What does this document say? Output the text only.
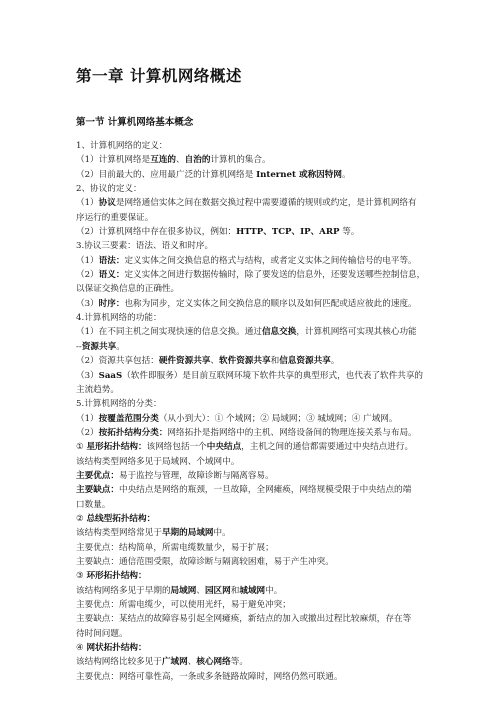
第一章 计算机网络概述
第一节 计算机网络基本概念

1、计算机网络的定义：

（1）计算机网络是互连的、自治的计算机的集合。

（2）目前最大的、应用最广泛的计算机网络是 Internet 或称因特网。

2、协议的定义：

（1）协议是网络通信实体之间在数据交换过程中需要遵循的规则或约定，是计算机网络有

序运行的重要保证。

（2）计算机网络中存在很多协议，例如：HTTP、TCP、IP、ARP 等。

3.协议三要素：语法、语义和时序。

（1）语法：定义实体之间交换信息的格式与结构，或者定义实体之间传输信号的电平等。

（2）语义：定义实体之间进行数据传输时，除了要发送的信息外，还要发送哪些控制信息，

以保证交换信息的正确性。

（3）时序：也称为同步，定义实体之间交换信息的顺序以及如何匹配或适应彼此的速度。

4.计算机网络的功能：

（1）在不同主机之间实现快速的信息交换。通过信息交换，计算机网络可实现其核心功能

--资源共享。

（2）资源共享包括：硬件资源共享、软件资源共享和信息资源共享。

（3）SaaS（软件即服务）是目前互联网环境下软件共享的典型形式，也代表了软件共享的

主流趋势。

5.计算机网络的分类：

（1）按覆盖范围分类（从小到大）：① 个域网；② 局域网；③ 城域网；④ 广域网。

（2）按拓扑结构分类：网络拓扑是指网络中的主机、网络设备间的物理连接关系与布局。

① 星形拓扑结构：该网络包括一个中央结点，主机之间的通信都需要通过中央结点进行。

该结构类型网络多见于局域网、个域网中。

主要优点：易于监控与管理，故障诊断与隔离容易。

主要缺点：中央结点是网络的瓶颈，一旦故障，全网瘫痪，网络规模受限于中央结点的端

口数量。

② 总线型拓扑结构：

该结构类型网络常见于早期的局域网中。

主要优点：结构简单，所需电缆数量少，易于扩展；

主要缺点：通信范围受限，故障诊断与隔离较困难，易于产生冲突。

③ 环形拓扑结构：

该结构网络多见于早期的局域网、园区网和城域网中。

主要优点：所需电缆少，可以使用光纤，易于避免冲突；

主要缺点：某结点的故障容易引起全网瘫痪，新结点的加入或撤出过程比较麻烦，存在等

待时间问题。

④ 网状拓扑结构：

该结构网络比较多见于广域网、核心网络等。

主要优点：网络可靠性高，一条或多条链路故障时，网络仍然可联通。
